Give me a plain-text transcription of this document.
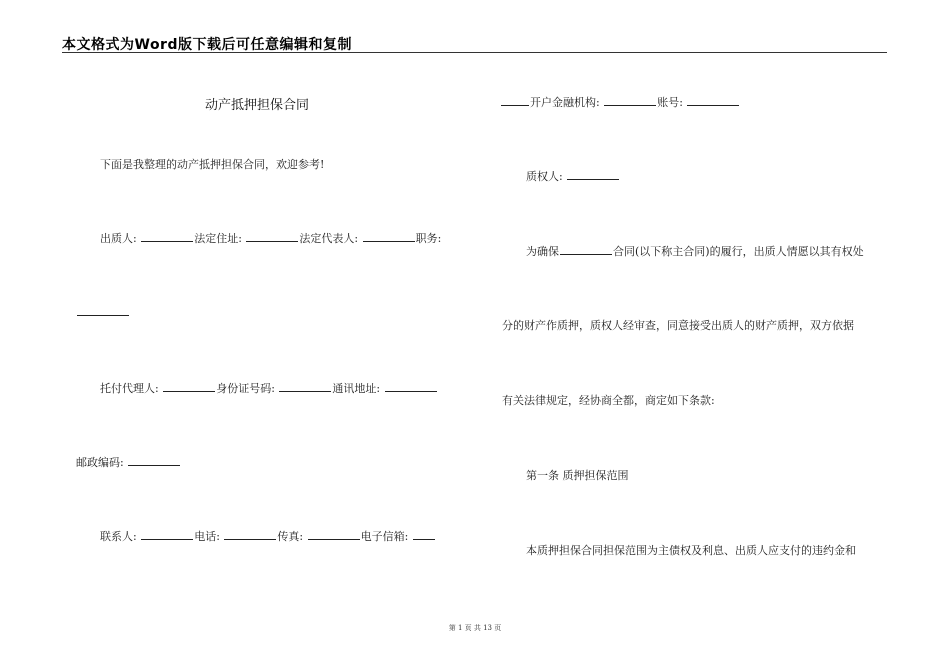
本文格式为Word版下载后可任意编辑和复制
动产抵押担保合同
下面是我整理的动产抵押担保合同，欢迎参考!
出质人:	法定住址:	法定代表人:	职务:
托付代理人:	身份证号码:	通讯地址:
邮政编码:
联系人:	电话:	传真:	电子信箱:
开户金融机构:	账号:
质权人:
为确保	合同(以下称主合同)的履行，出质人情愿以其有权处
分的财产作质押，质权人经审查，同意接受出质人的财产质押，双方依据
有关法律规定，经协商全都，商定如下条款:
第一条 质押担保范围
本质押担保合同担保范围为主债权及利息、出质人应支付的违约金和
第 1 页 共 13 页
